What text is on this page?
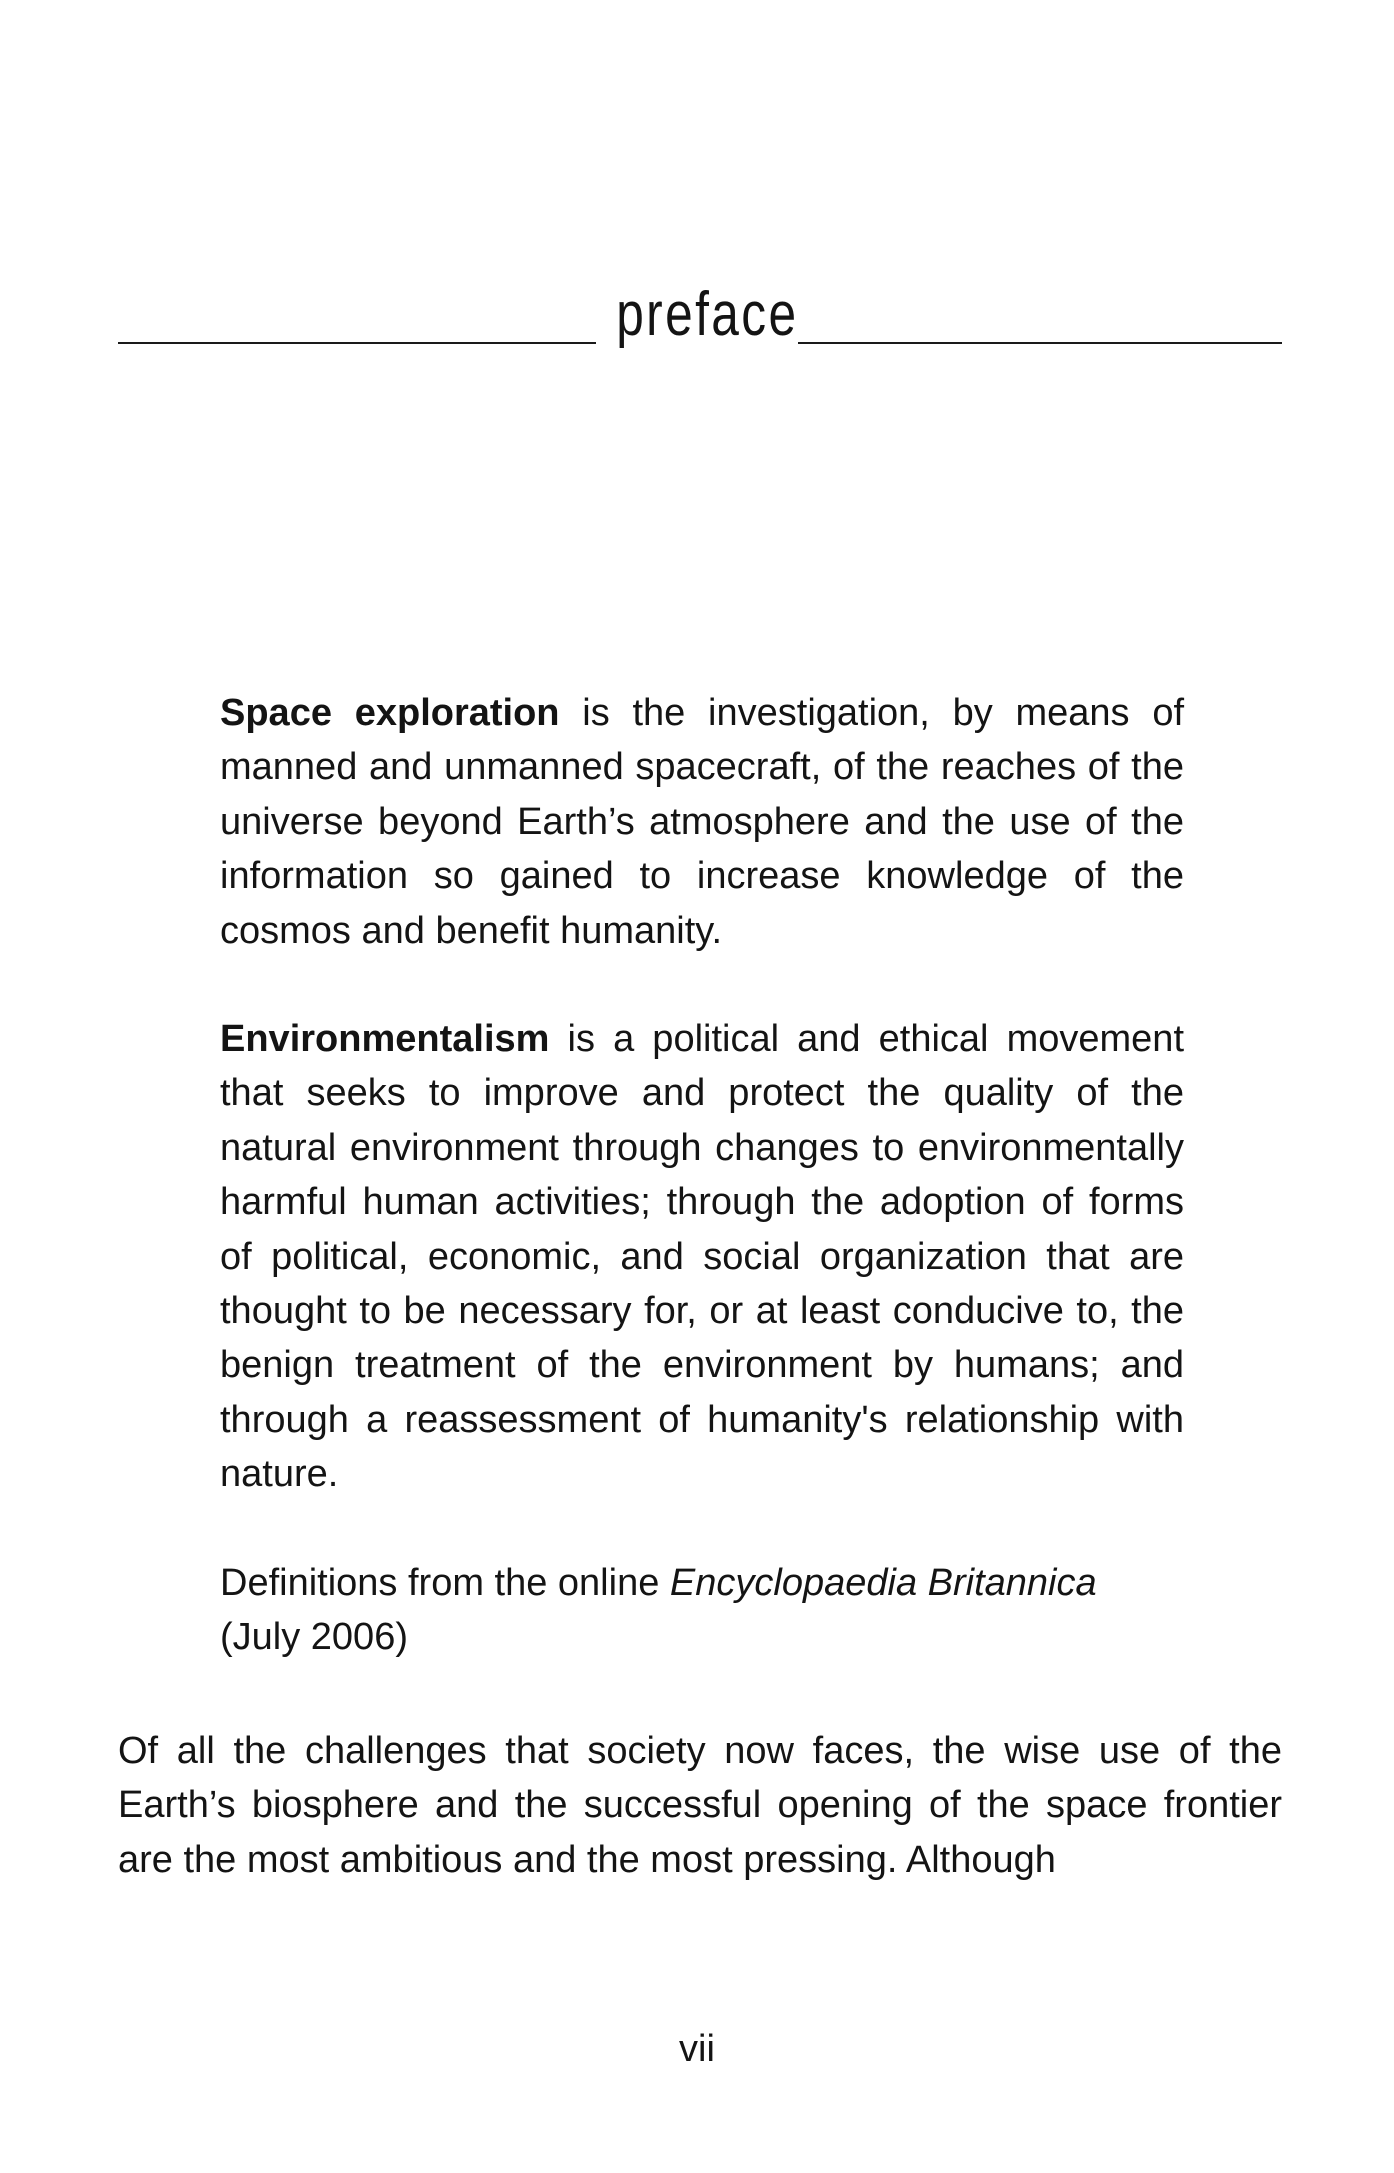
preface

Space exploration is the investigation, by means of manned and unmanned spacecraft, of the reaches of the universe beyond Earth’s atmosphere and the use of the information so gained to increase knowledge of the cosmos and benefit humanity.

Environmentalism is a political and ethical movement that seeks to improve and protect the quality of the natural environment through changes to environmentally harmful human activities; through the adoption of forms of political, economic, and social organization that are thought to be necessary for, or at least conducive to, the benign treatment of the environment by humans; and through a reassessment of humanity's relationship with nature.

Definitions from the online Encyclopaedia Britannica (July 2006)

Of all the challenges that society now faces, the wise use of the Earth’s biosphere and the successful opening of the space frontier are the most ambitious and the most pressing. Although

vii
